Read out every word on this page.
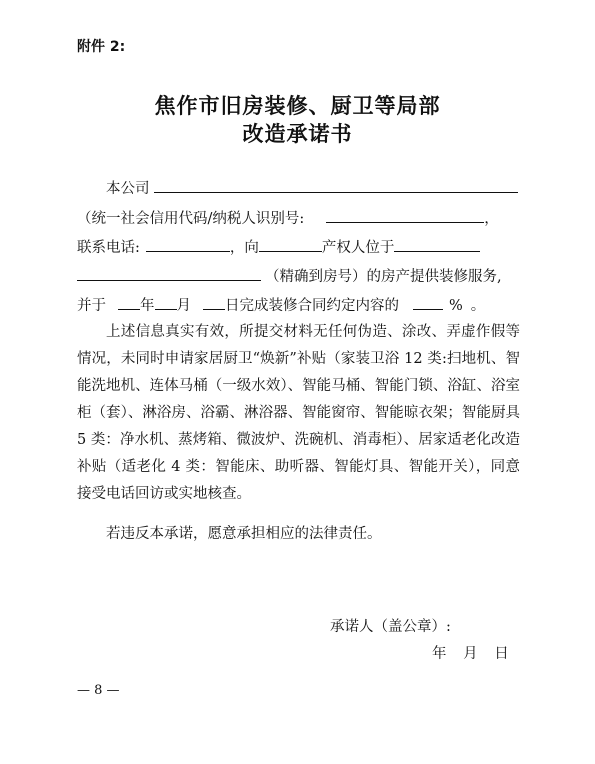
附件 2:
焦作市旧房装修、厨卫等局部
改造承诺书
本公司
（统一社会信用代码/纳税人识别号:	，
联系电话:	，向	产权人位于
（精确到房号）的房产提供装修服务,
并于 年 月 日完成装修合同约定内容的	% 。
上述信息真实有效，所提交材料无任何伪造、涂改、弄虚作假等情况，未同时申请家居厨卫“焕新”补贴（家装卫浴 12 类:扫地机、智能洗地机、连体马桶（一级水效）、智能马桶、智能门锁、浴缸、浴室柜（套）、淋浴房、浴霸、淋浴器、智能窗帘、智能晾衣架；智能厨具 5 类：净水机、蒸烤箱、微波炉、洗碗机、消毒柜）、居家适老化改造补贴（适老化 4 类：智能床、助听器、智能灯具、智能开关），同意接受电话回访或实地核查。
若违反本承诺，愿意承担相应的法律责任。
承诺人（盖公章）:
年 月 日
— 8 —
